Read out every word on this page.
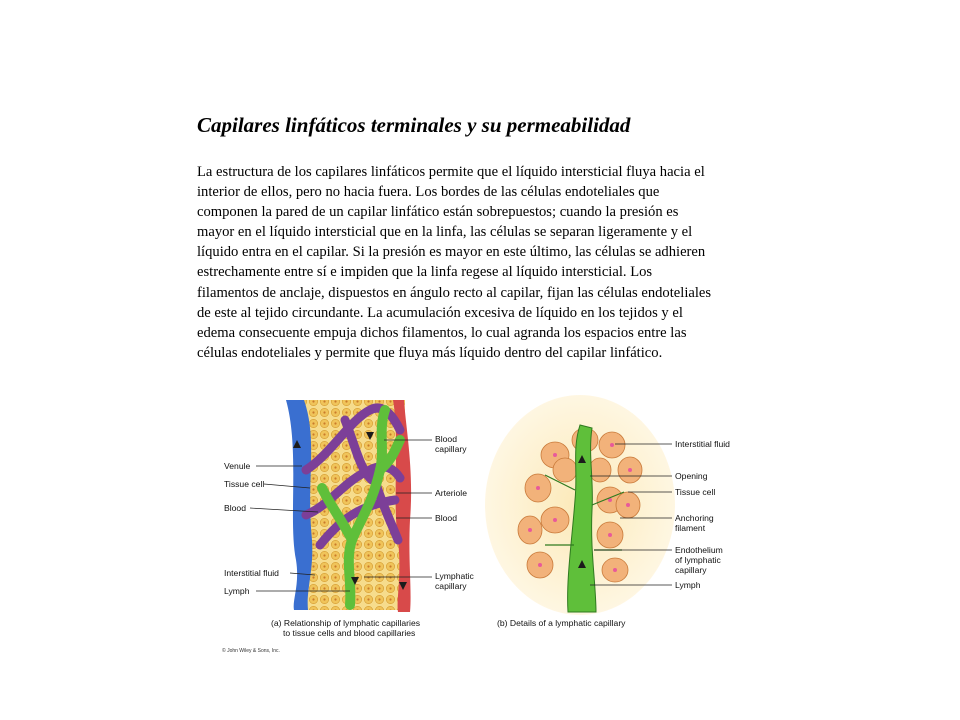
Capilares linfáticos terminales y su permeabilidad

La estructura de los capilares linfáticos permite que el líquido intersticial fluya hacia el
interior de ellos, pero no hacia fuera. Los bordes de las células endoteliales que
componen la pared de un capilar linfático están sobrepuestos; cuando la presión es
mayor en el líquido intersticial que en la linfa, las células se separan ligeramente y el
líquido entra en el capilar. Si la presión es mayor en este último, las células se adhieren
estrechamente entre sí e impiden que la linfa regese al líquido intersticial. Los
filamentos de anclaje, dispuestos en ángulo recto al capilar, fijan las células endoteliales
de este al tejido circundante. La acumulación excesiva de líquido en los tejidos y el
edema consecuente empuja dichos filamentos, lo cual agranda los espacios entre las
células endoteliales y permite que fluya más líquido dentro del capilar linfático.

Venule
Tissue cell
Blood
Interstitial fluid
Lymph
Blood
capillary
Arteriole
Blood
Lymphatic
capillary
(a) Relationship of lymphatic capillaries
to tissue cells and blood capillaries
© John Wiley & Sons, Inc.
Interstitial fluid
Opening
Tissue cell
Anchoring
filament
Endothelium
of lymphatic
capillary
Lymph
(b) Details of a lymphatic capillary
